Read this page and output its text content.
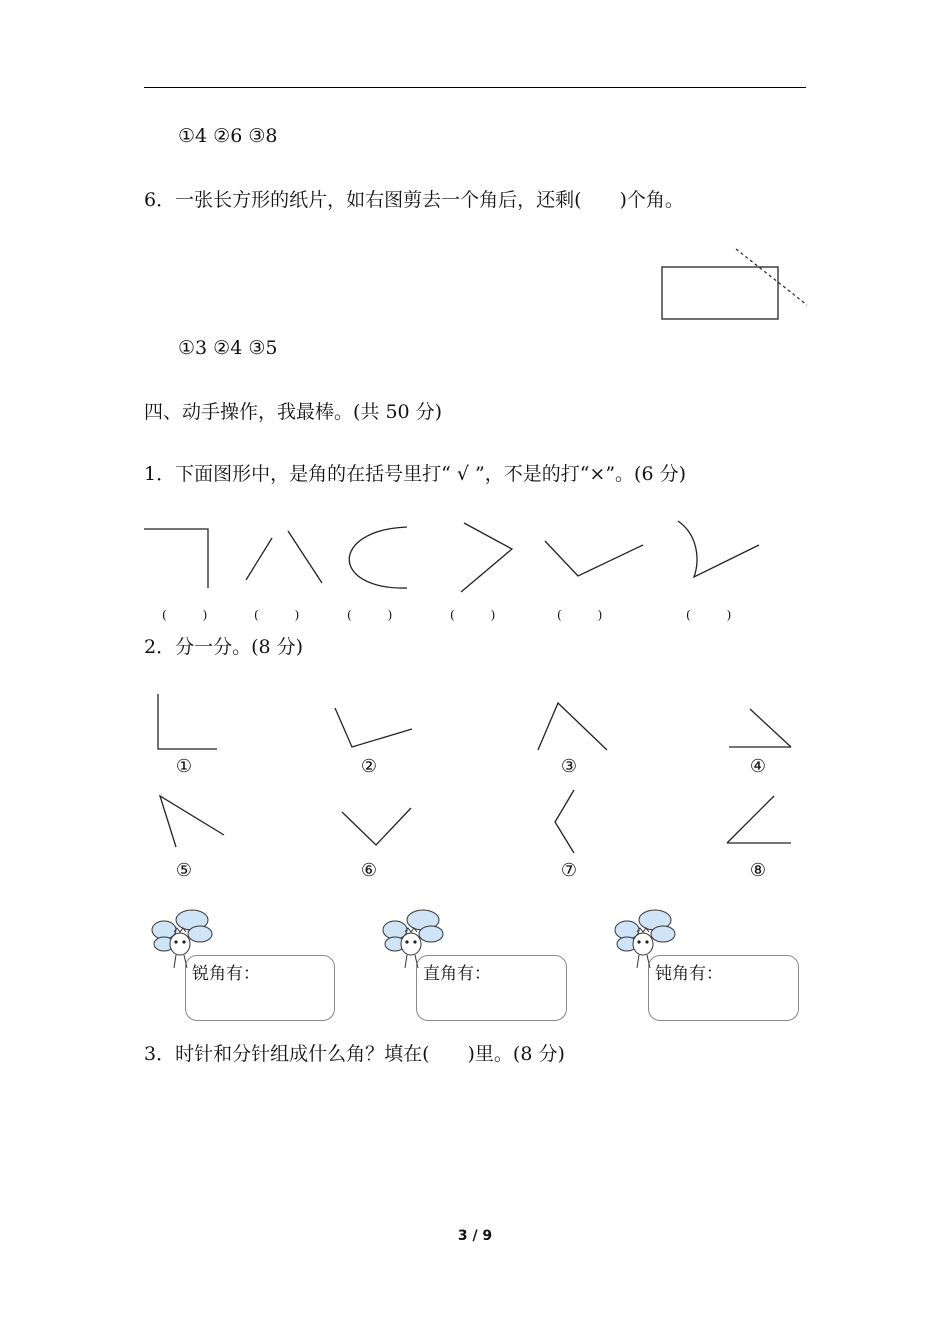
①4 ②6 ③8
6．一张长方形的纸片，如右图剪去一个角后，还剩(　　)个角。
①3 ②4 ③5
四、动手操作，我最棒。(共 50 分)
1．下面图形中，是角的在括号里打“ √ ”，不是的打“×”。(6 分)
(　　　)	(　　　)	(　　　)	(　　　)	(　　　)	(　　　)
2．分一分。(8 分)
①	②	③	④
⑤	⑥	⑦	⑧
锐角有：	直角有：	钝角有：
3．时针和分针组成什么角？填在(　　)里。(8 分)
3 / 9
